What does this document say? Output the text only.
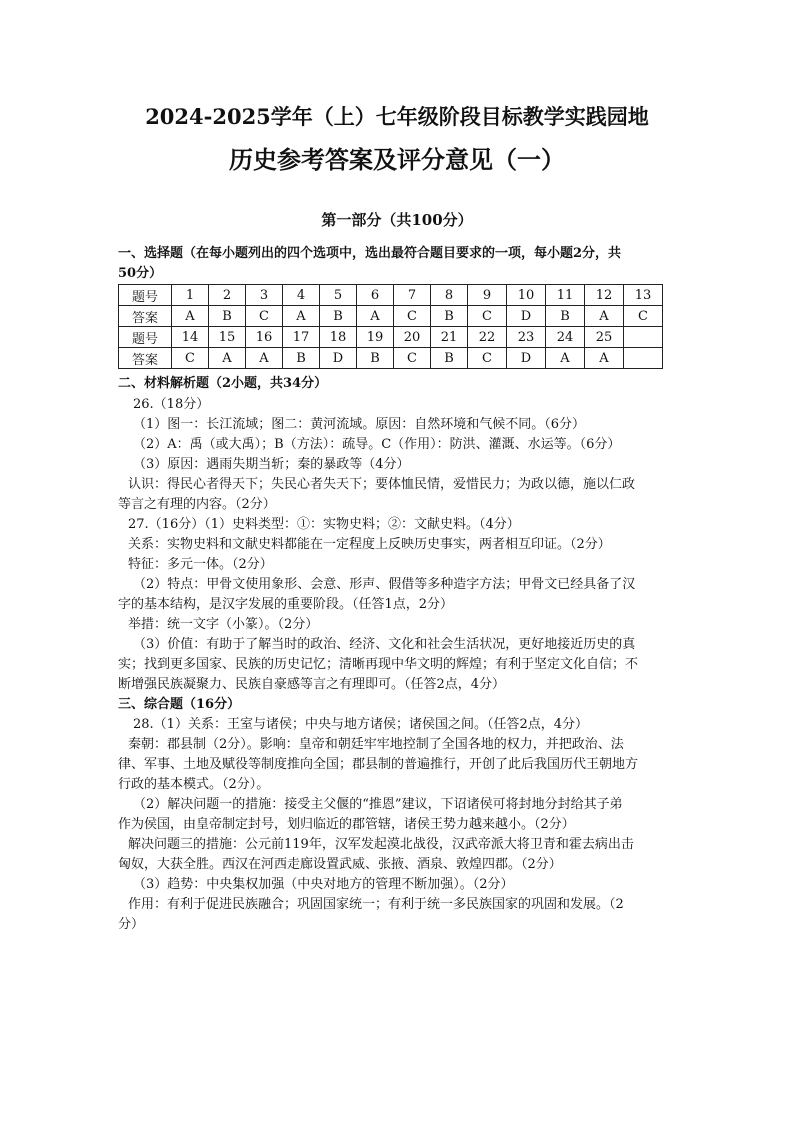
2024-2025学年（上）七年级阶段目标教学实践园地
历史参考答案及评分意见（一）
第一部分（共100分）
一、选择题（在每小题列出的四个选项中，选出最符合题目要求的一项，每小题2分，共
50分）
题号	1	2	3	4	5	6	7	8	9	10	11	12	13
答案	A	B	C	A	B	A	C	B	C	D	B	A	C
题号	14	15	16	17	18	19	20	21	22	23	24	25	
答案	C	A	A	B	D	B	C	B	C	D	A	A	
二、材料解析题（2小题，共34分）
26.（18分）
（1）图一：长江流域；图二：黄河流域。原因：自然环境和气候不同。（6分）
（2）A：禹（或大禹）；B（方法）：疏导。C（作用）：防洪、灌溉、水运等。（6分）
（3）原因：遇雨失期当斩；秦的暴政等（4分）
认识：得民心者得天下；失民心者失天下；要体恤民情，爱惜民力；为政以德，施以仁政
等言之有理的内容。（2分）
27.（16分）（1）史料类型：①：实物史料；②：文献史料。（4分）
关系：实物史料和文献史料都能在一定程度上反映历史事实，两者相互印证。（2分）
特征：多元一体。（2分）
（2）特点：甲骨文使用象形、会意、形声、假借等多种造字方法；甲骨文已经具备了汉
字的基本结构，是汉字发展的重要阶段。（任答1点，2分）
举措：统一文字（小篆）。（2分）
（3）价值：有助于了解当时的政治、经济、文化和社会生活状况，更好地接近历史的真
实；找到更多国家、民族的历史记忆；清晰再现中华文明的辉煌；有利于坚定文化自信；不
断增强民族凝聚力、民族自豪感等言之有理即可。（任答2点，4分）
三、综合题（16分）
28.（1）关系：王室与诸侯；中央与地方诸侯；诸侯国之间。（任答2点，4分）
秦朝：郡县制（2分）。影响：皇帝和朝廷牢牢地控制了全国各地的权力，并把政治、法
律、军事、土地及赋役等制度推向全国；郡县制的普遍推行，开创了此后我国历代王朝地方
行政的基本模式。（2分）。
（2）解决问题一的措施：接受主父偃的“推恩”建议，下诏诸侯可将封地分封给其子弟
作为侯国，由皇帝制定封号，划归临近的郡管辖，诸侯王势力越来越小。（2分）
解决问题三的措施：公元前119年，汉军发起漠北战役，汉武帝派大将卫青和霍去病出击
匈奴，大获全胜。西汉在河西走廊设置武威、张掖、酒泉、敦煌四郡。（2分）
（3）趋势：中央集权加强（中央对地方的管理不断加强）。（2分）
作用：有利于促进民族融合；巩固国家统一；有利于统一多民族国家的巩固和发展。（2
分）
